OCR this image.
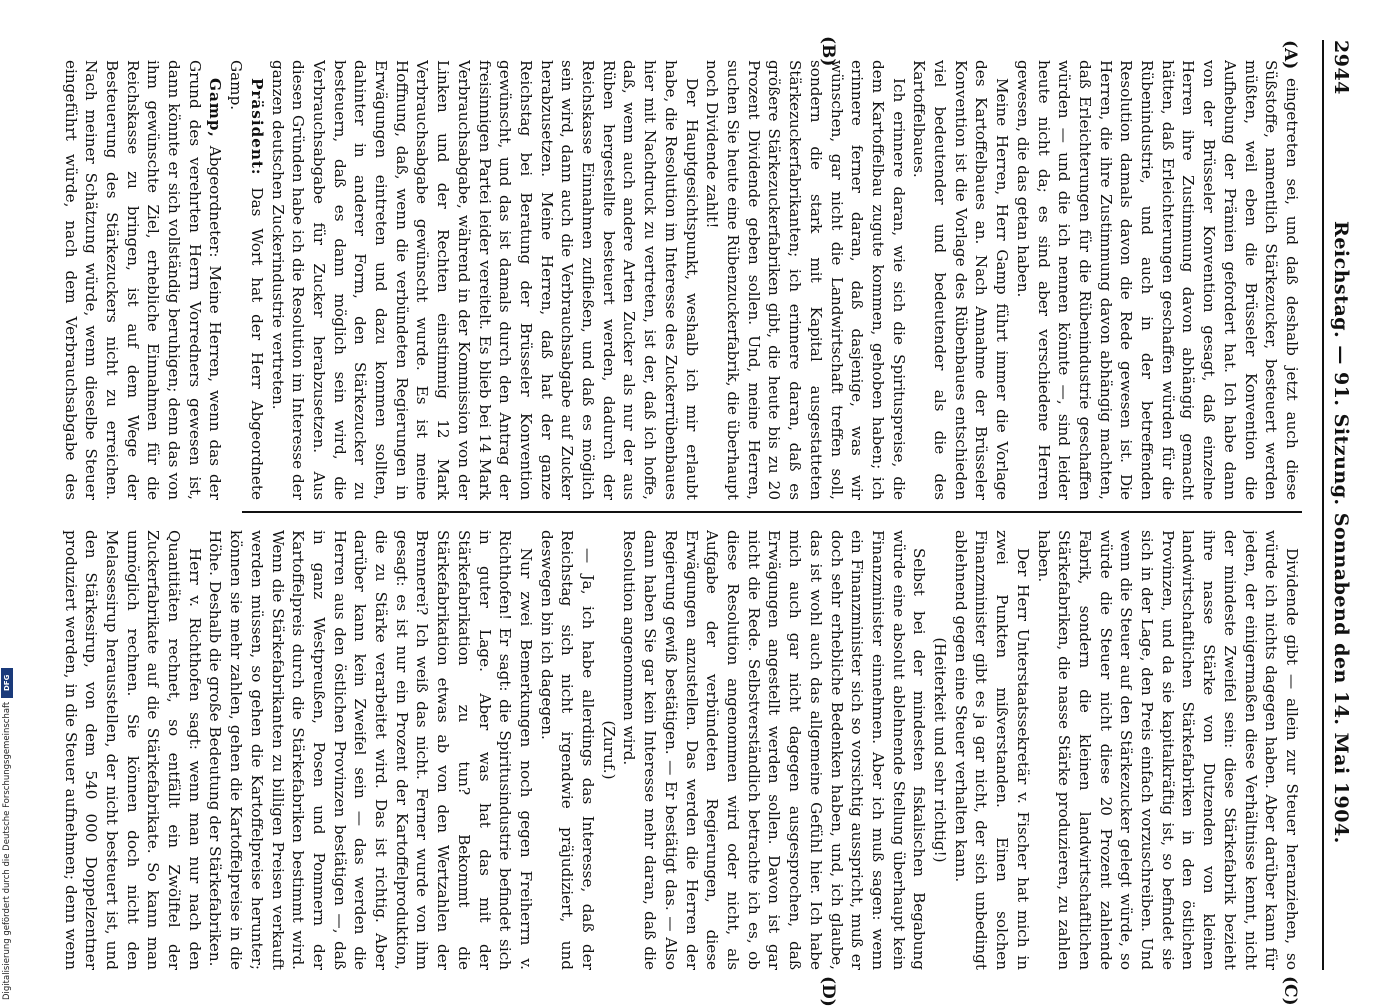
2944
Reichstag. — 91. Sitzung. Sonnabend den 14. Mai 1904.
(A)
(B)
(C)
(D)

eingetreten sei, und daß deshalb jetzt auch diese Süßstoffe, namentlich Stärkezucker, besteuert werden müßten, weil eben die Brüsseler Konvention die Aufhebung der Prämien gefordert hat. Ich habe dann von der Brüsseler Konvention gesagt, daß einzelne Herren ihre Zustimmung davon abhängig gemacht hätten, daß Erleichterungen geschaffen würden für die Rübenindustrie, und auch in der betreffenden Resolution damals davon die Rede gewesen ist. Die Herren, die ihre Zustimmung davon abhängig machten, daß Erleichterungen für die Rübenindustrie geschaffen würden — und die ich nennen könnte —, sind leider heute nicht da; es sind aber verschiedene Herren gewesen, die das getan haben.

Meine Herren, Herr Gamp führt immer die Vorlage des Kartoffelbaues an. Nach Annahme der Brüsseler Konvention ist die Vorlage des Rübenbaues entschieden viel bedeutender und bedeutender als die des Kartoffelbaues.

Ich erinnere daran, wie sich die Spirituspreise, die dem Kartoffelbau zugute kommen, gehoben haben; ich erinnere ferner daran, daß dasjenige, was wir wünschen, gar nicht die Landwirtschaft treffen soll, sondern die stark mit Kapital ausgestatteten Stärkezuckerfabrikanten; ich erinnere daran, daß es größere Stärkezuckerfabriken gibt, die heute bis zu 20 Prozent Dividende geben sollen. Und, meine Herren, suchen Sie heute eine Rübenzuckerfabrik, die überhaupt noch Dividende zahlt!

Der Hauptgesichtspunkt, weshalb ich mir erlaubt habe, die Resolution im Interesse des Zuckerrübenbaues hier mit Nachdruck zu vertreten, ist der, daß ich hoffe, daß, wenn auch andere Arten Zucker als nur der aus Rüben hergestellte besteuert werden, dadurch der Reichskasse Einnahmen zufließen, und daß es möglich sein wird, dann auch die Verbrauchsabgabe auf Zucker herabzusetzen. Meine Herren, daß hat der ganze Reichstag bei Beratung der Brüsseler Konvention gewünscht, und das ist damals durch den Antrag der freisinnigen Partei leider vereitelt. Es blieb bei 14 Mark Verbrauchsabgabe, während in der Kommission von der Linken und der Rechten einstimmig 12 Mark Verbrauchsabgabe gewünscht wurde. Es ist meine Hoffnung, daß, wenn die verbündeten Regierungen in Erwägungen eintreten und dazu kommen sollten, dahinter in anderer Form, den Stärkezucker zu besteuern, daß es dann möglich sein wird, die Verbrauchsabgabe für Zucker herabzusetzen. Aus diesen Gründen habe ich die Resolution im Interesse der ganzen deutschen Zuckerindustrie vertreten.

Präsident: Das Wort hat der Herr Abgeordnete Gamp.

Gamp, Abgeordneter: Meine Herren, wenn das der Grund des verehrten Herrn Vorredners gewesen ist, dann könnte er sich vollständig beruhigen; denn das von ihm gewünschte Ziel, erhebliche Einnahmen für die Reichskasse zu bringen, ist auf dem Wege der Besteuerung des Stärkezuckers nicht zu erreichen. Nach meiner Schätzung würde, wenn dieselbe Steuer eingeführt würde, nach dem Verbrauchsabgabe des

Dividende gibt — allein zur Steuer heranziehen, so würde ich nichts dagegen haben. Aber darüber kann für jeden, der einigermaßen diese Verhältnisse kennt, nicht der mindeste Zweifel sein: diese Stärkefabrik bezieht ihre nasse Stärke von Dutzenden von kleinen landwirtschaftlichen Stärkefabriken in den östlichen Provinzen, und da sie kapitalkräftig ist, so befindet sie sich in der Lage, den Preis einfach vorzuschreiben. Und wenn die Steuer auf den Stärkezucker gelegt würde, so würde die Steuer nicht diese 20 Prozent zahlende Fabrik, sondern die kleinen landwirtschaftlichen Stärkefabriken, die nasse Stärke produzieren, zu zahlen haben.

Der Herr Unterstaatssekretär v. Fischer hat mich in zwei Punkten mißverstanden. Einen solchen Finanzminister gibt es ja gar nicht, der sich unbedingt ablehnend gegen eine Steuer verhalten kann.

(Heiterkeit und sehr richtig!)

Selbst bei der mindesten fiskalischen Begabung würde eine absolut ablehnende Stellung überhaupt kein Finanzminister einnehmen. Aber ich muß sagen: wenn ein Finanzminister sich so vorsichtig ausspricht, muß er doch sehr erhebliche Bedenken haben, und, ich glaube, das ist wohl auch das allgemeine Gefühl hier. Ich habe mich auch gar nicht dagegen ausgesprochen, daß Erwägungen angestellt werden sollen. Davon ist gar nicht die Rede. Selbstverständlich betrachte ich es, ob diese Resolution angenommen wird oder nicht, als Aufgabe der verbündeten Regierungen, diese Erwägungen anzustellen. Das werden die Herren der Regierung gewiß bestätigen. — Er bestätigt das. — Also dann haben Sie gar kein Interesse mehr daran, daß die Resolution angenommen wird.

(Zuruf.)

— Ja, ich habe allerdings das Interesse, daß der Reichstag sich nicht irgendwie präjudiziert, und deswegen bin ich dagegen.

Nur zwei Bemerkungen noch gegen Freiherrn v. Richthofen! Er sagt: die Spiritusindustrie befindet sich in guter Lage. Aber was hat das mit der Stärkefabrikation zu tun? Bekommt die Stärkefabrikation etwas ab von den Wertzahlen der Brennerei? Ich weiß das nicht. Ferner wurde von ihm gesagt: es ist nur ein Prozent der Kartoffelproduktion, die zu Stärke verarbeitet wird. Das ist richtig. Aber darüber kann kein Zweifel sein — das werden die Herren aus den östlichen Provinzen bestätigen —, daß in ganz Westpreußen, Posen und Pommern der Kartoffelpreis durch die Stärkefabriken bestimmt wird. Wenn die Stärkefabrikanten zu billigen Preisen verkauft werden müssen, so gehen die Kartoffelpreise herunter; können sie mehr zahlen, gehen die Kartoffelpreise in die Höhe. Deshalb die große Bedeutung der Stärkefabriken.

Herr v. Richthofen sagt: wenn man nur nach den Quantitäten rechnet, so entfällt ein Zwölftel der Zuckerfabrikate auf die Stärkefabrikate. So kann man unmöglich rechnen. Sie können doch nicht den Melassesirup herausstellen, der nicht besteuert ist, und den Stärkesirup, von dem 540 000 Doppelzentner produziert werden, in die Steuer aufnehmen; denn wenn

Digitalisierung gefördert durch die Deutsche Forschungsgemeinschaft
DFG
